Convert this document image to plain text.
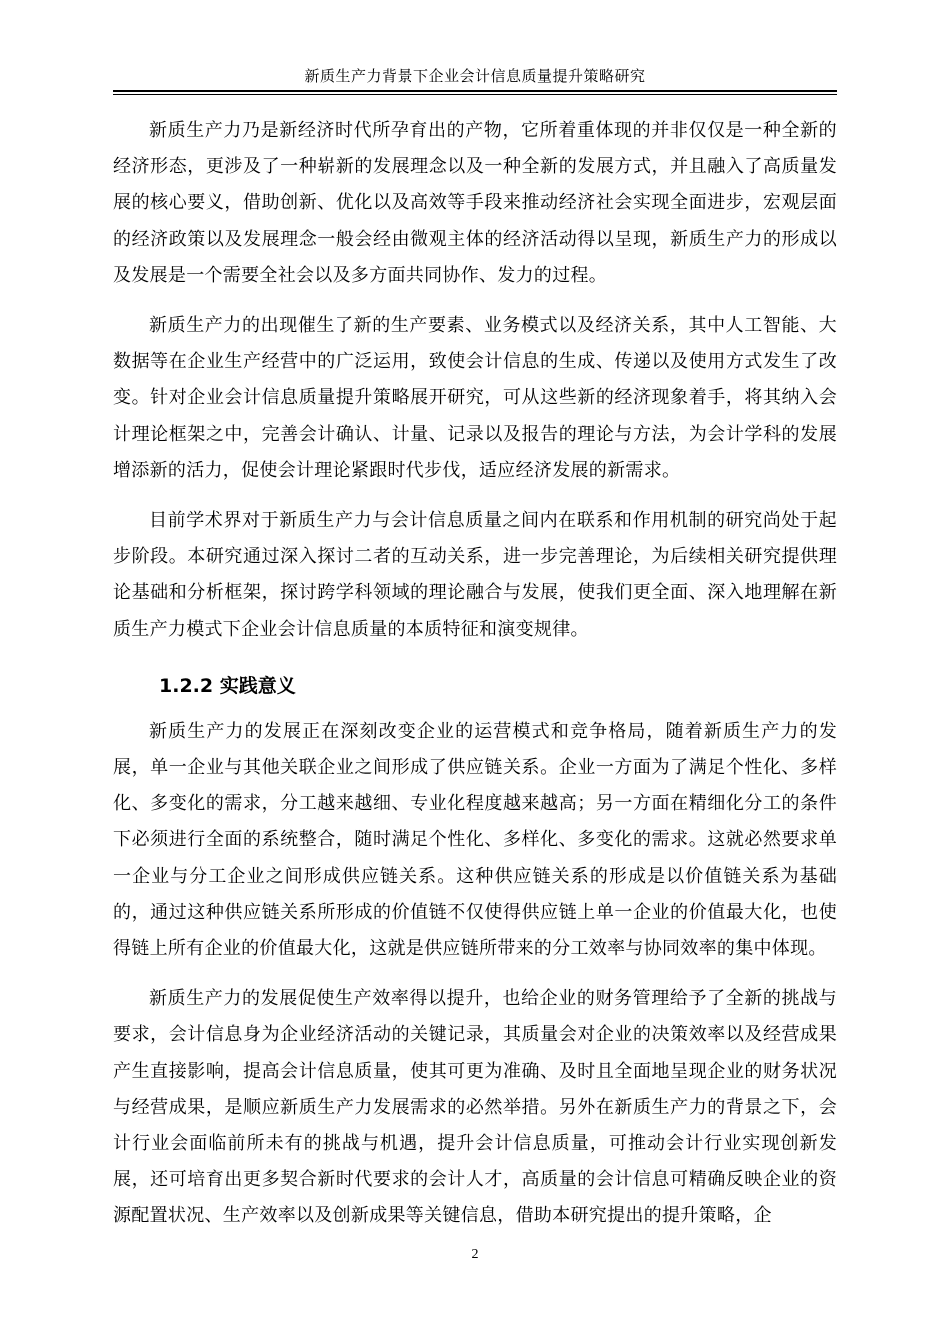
新质生产力背景下企业会计信息质量提升策略研究

新质生产力乃是新经济时代所孕育出的产物，它所着重体现的并非仅仅是一种全新的经济形态，更涉及了一种崭新的发展理念以及一种全新的发展方式，并且融入了高质量发展的核心要义，借助创新、优化以及高效等手段来推动经济社会实现全面进步，宏观层面的经济政策以及发展理念一般会经由微观主体的经济活动得以呈现，新质生产力的形成以及发展是一个需要全社会以及多方面共同协作、发力的过程。

新质生产力的出现催生了新的生产要素、业务模式以及经济关系，其中人工智能、大数据等在企业生产经营中的广泛运用，致使会计信息的生成、传递以及使用方式发生了改变。针对企业会计信息质量提升策略展开研究，可从这些新的经济现象着手，将其纳入会计理论框架之中，完善会计确认、计量、记录以及报告的理论与方法，为会计学科的发展增添新的活力，促使会计理论紧跟时代步伐，适应经济发展的新需求。

目前学术界对于新质生产力与会计信息质量之间内在联系和作用机制的研究尚处于起步阶段。本研究通过深入探讨二者的互动关系，进一步完善理论，为后续相关研究提供理论基础和分析框架，探讨跨学科领域的理论融合与发展，使我们更全面、深入地理解在新质生产力模式下企业会计信息质量的本质特征和演变规律。

1.2.2 实践意义

新质生产力的发展正在深刻改变企业的运营模式和竞争格局，随着新质生产力的发展，单一企业与其他关联企业之间形成了供应链关系。企业一方面为了满足个性化、多样化、多变化的需求，分工越来越细、专业化程度越来越高；另一方面在精细化分工的条件下必须进行全面的系统整合，随时满足个性化、多样化、多变化的需求。这就必然要求单一企业与分工企业之间形成供应链关系。这种供应链关系的形成是以价值链关系为基础的，通过这种供应链关系所形成的价值链不仅使得供应链上单一企业的价值最大化，也使得链上所有企业的价值最大化，这就是供应链所带来的分工效率与协同效率的集中体现。

新质生产力的发展促使生产效率得以提升，也给企业的财务管理给予了全新的挑战与要求，会计信息身为企业经济活动的关键记录，其质量会对企业的决策效率以及经营成果产生直接影响，提高会计信息质量，使其可更为准确、及时且全面地呈现企业的财务状况与经营成果，是顺应新质生产力发展需求的必然举措。另外在新质生产力的背景之下，会计行业会面临前所未有的挑战与机遇，提升会计信息质量，可推动会计行业实现创新发展，还可培育出更多契合新时代要求的会计人才，高质量的会计信息可精确反映企业的资源配置状况、生产效率以及创新成果等关键信息，借助本研究提出的提升策略，企

2
